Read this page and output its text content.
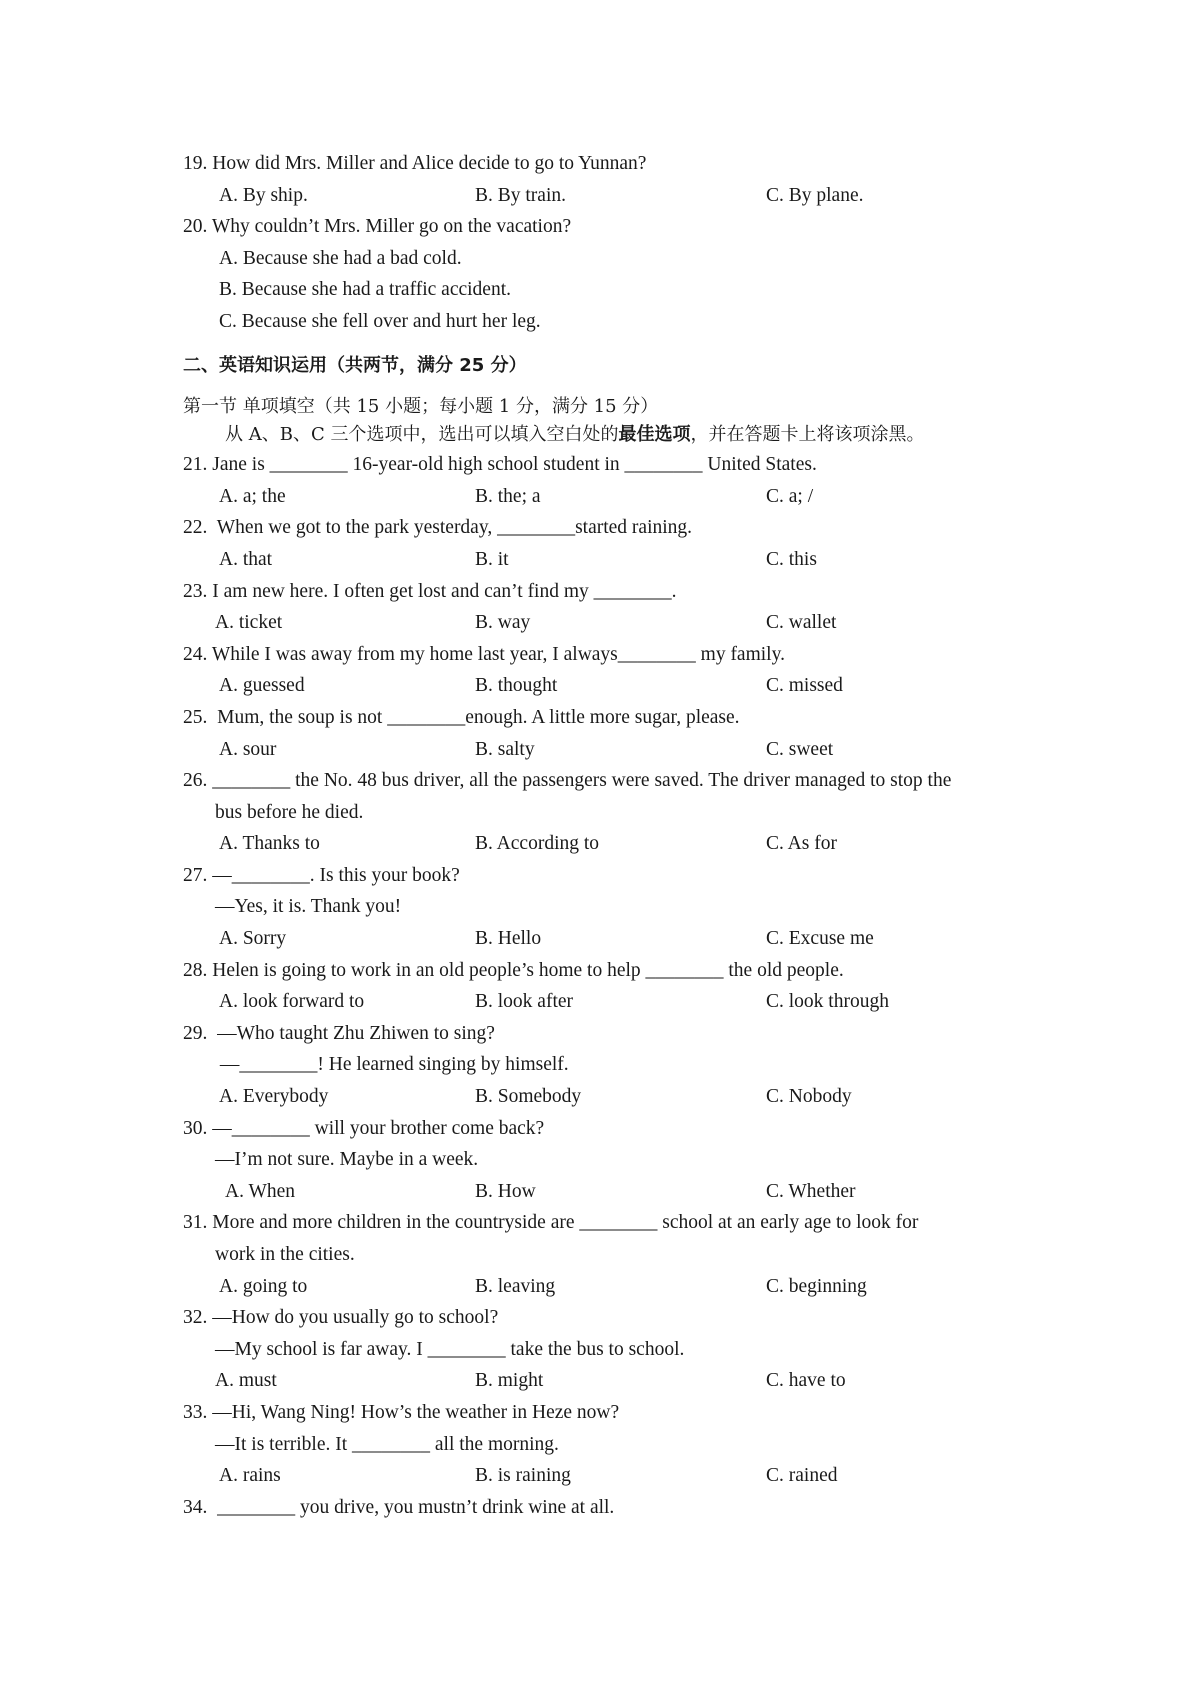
19. How did Mrs. Miller and Alice decide to go to Yunnan?
A. By ship.	B. By train.	C. By plane.
20. Why couldn’t Mrs. Miller go on the vacation?
A. Because she had a bad cold.
B. Because she had a traffic accident.
C. Because she fell over and hurt her leg.
二、英语知识运用（共两节，满分 25 分）
第一节 单项填空（共 15 小题；每小题 1 分，满分 15 分）
从 A、B、C 三个选项中，选出可以填入空白处的最佳选项，并在答题卡上将该项涂黑。
21. Jane is ________ 16-year-old high school student in ________ United States.
A. a; the	B. the; a	C. a; /
22.  When we got to the park yesterday, ________started raining.
A. that	B. it	C. this
23. I am new here. I often get lost and can’t find my ________.
A. ticket	B. way	C. wallet
24. While I was away from my home last year, I always________ my family.
A. guessed	B. thought	C. missed
25.  Mum, the soup is not ________enough. A little more sugar, please.
A. sour	B. salty	C. sweet
26. ________ the No. 48 bus driver, all the passengers were saved. The driver managed to stop the
bus before he died.
A. Thanks to	B. According to	C. As for
27. —________. Is this your book?
—Yes, it is. Thank you!
A. Sorry	B. Hello	C. Excuse me
28. Helen is going to work in an old people’s home to help ________ the old people.
A. look forward to	B. look after	C. look through
29.  —Who taught Zhu Zhiwen to sing?
—________! He learned singing by himself.
A. Everybody	B. Somebody	C. Nobody
30. —________ will your brother come back?
—I’m not sure. Maybe in a week.
A. When	B. How	C. Whether
31. More and more children in the countryside are ________ school at an early age to look for
work in the cities.
A. going to	B. leaving	C. beginning
32. —How do you usually go to school?
—My school is far away. I ________ take the bus to school.
A. must	B. might	C. have to
33. —Hi, Wang Ning! How’s the weather in Heze now?
—It is terrible. It ________ all the morning.
A. rains	B. is raining	C. rained
34.  ________ you drive, you mustn’t drink wine at all.
